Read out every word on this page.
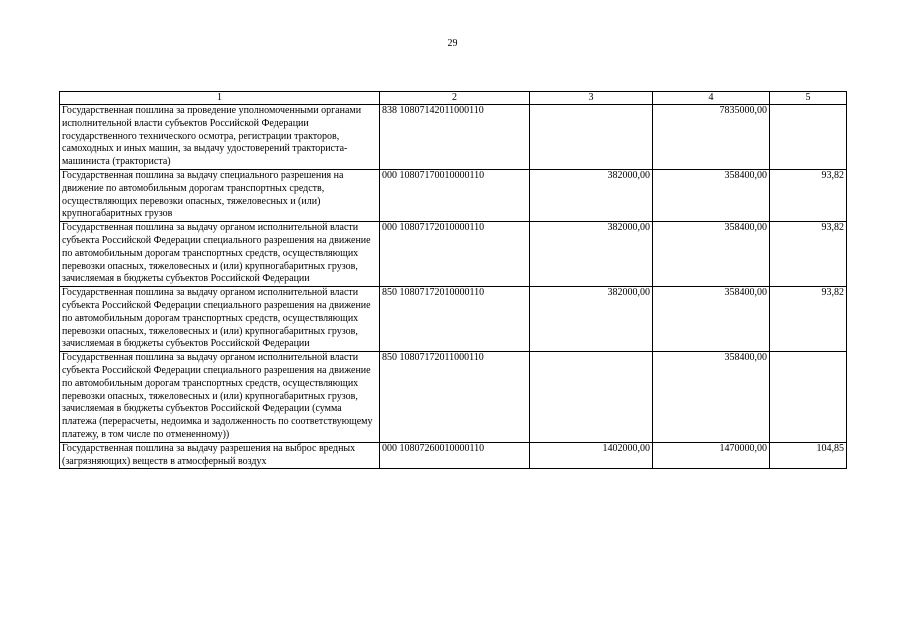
29
1	2	3	4	5
Государственная пошлина за проведение уполномоченными органами исполнительной власти субъектов Российской Федерации государственного технического осмотра, регистрации тракторов, самоходных и иных машин, за выдачу удостоверений тракториста-машиниста (тракториста)	838 10807142011000110		7835000,00	
Государственная пошлина за выдачу специального разрешения на движение по автомобильным дорогам транспортных средств, осуществляющих перевозки опасных, тяжеловесных и (или) крупногабаритных грузов	000 10807170010000110	382000,00	358400,00	93,82
Государственная пошлина за выдачу органом исполнительной власти субъекта Российской Федерации специального разрешения на движение по автомобильным дорогам транспортных средств, осуществляющих перевозки опасных, тяжеловесных и (или) крупногабаритных грузов, зачисляемая в бюджеты субъектов Российской Федерации	000 10807172010000110	382000,00	358400,00	93,82
Государственная пошлина за выдачу органом исполнительной власти субъекта Российской Федерации специального разрешения на движение по автомобильным дорогам транспортных средств, осуществляющих перевозки опасных, тяжеловесных и (или) крупногабаритных грузов, зачисляемая в бюджеты субъектов Российской Федерации	850 10807172010000110	382000,00	358400,00	93,82
Государственная пошлина за выдачу органом исполнительной власти субъекта Российской Федерации специального разрешения на движение по автомобильным дорогам транспортных средств, осуществляющих перевозки опасных, тяжеловесных и (или) крупногабаритных грузов, зачисляемая в бюджеты субъектов Российской Федерации (сумма платежа (перерасчеты, недоимка и задолженность по соответствующему платежу, в том числе по отмененному))	850 10807172011000110		358400,00	
Государственная пошлина за выдачу разрешения на выброс вредных (загрязняющих) веществ в атмосферный воздух	000 10807260010000110	1402000,00	1470000,00	104,85
